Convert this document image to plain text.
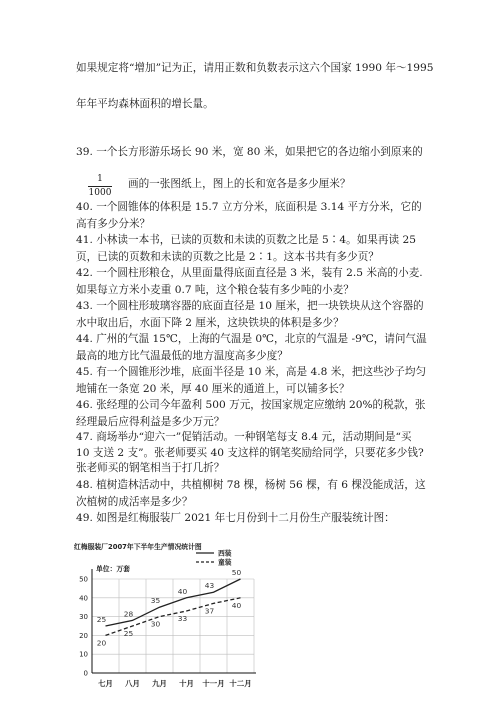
如果规定将“增加”记为正，请用正数和负数表示这六个国家 1990 年～1995
年年平均森林面积的增长量。
39. 一个长方形游乐场长 90 米，宽 80 米，如果把它的各边缩小到原来的
1
1000
画的一张图纸上，图上的长和宽各是多少厘米？
40. 一个圆锥体的体积是 15.7 立方分米，底面积是 3.14 平方分米，它的高有多少分米？
41. 小林读一本书，已读的页数和未读的页数之比是 5∶4。如果再读 25 页，已读的页数和未读的页数之比是 2∶1。这本书共有多少页？
42. 一个圆柱形粮仓，从里面量得底面直径是 3 米，装有 2.5 米高的小麦.如果每立方米小麦重 0.7 吨，这个粮仓装有多少吨的小麦？
43. 一个圆柱形玻璃容器的底面直径是 10 厘米，把一块铁块从这个容器的水中取出后，水面下降 2 厘米，这块铁块的体积是多少？
44. 广州的气温 15℃，上海的气温是 0℃，北京的气温是 -9℃，请问气温最高的地方比气温最低的地方温度高多少度？
45. 有一个圆锥形沙堆，底面半径是 10 米，高是 4.8 米，把这些沙子均匀地铺在一条宽 20 米，厚 40 厘米的通道上，可以铺多长？
46. 张经理的公司今年盈利 500 万元，按国家规定应缴纳 20%的税款，张经理最后应得利益是多少万元？
47. 商场举办“迎六一”促销活动。一种钢笔每支 8.4 元，活动期间是“买 10 支送 2 支”。张老师要买 40 支这样的钢笔奖励给同学，只要花多少钱?张老师买的钢笔相当于打几折？
48. 植树造林活动中，共植柳树 78 棵，杨树 56 棵，有 6 棵没能成活，这次植树的成活率是多少？
49. 如图是红梅服装厂 2021 年七月份到十二月份生产服装统计图：
红梅服装厂2007年下半年生产情况统计图
单位：万套
西装
童装
0
10
20
30
40
50
七月 八月 九月 十月 十一月 十二月
25
28
35
40
43
50
20
25
30
33
37
40
